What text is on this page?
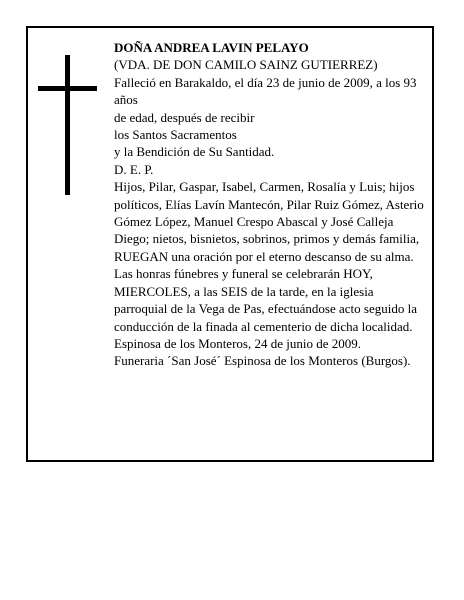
DOÑA ANDREA LAVIN PELAYO

(VDA. DE DON CAMILO SAINZ GUTIERREZ)

Falleció en Barakaldo, el día 23 de junio de 2009, a los 93 años

de edad, después de recibir

los Santos Sacramentos

y la Bendición de Su Santidad.

D. E. P.

Hijos, Pilar, Gaspar, Isabel, Carmen, Rosalía y Luis; hijos políticos, Elías Lavín Mantecón, Pilar Ruiz Gómez, Asterio Gómez López, Manuel Crespo Abascal y José Calleja Diego; nietos, bisnietos, sobrinos, primos y demás familia,

RUEGAN una oración por el eterno descanso de su alma. Las honras fúnebres y funeral se celebrarán HOY, MIERCOLES, a las SEIS de la tarde, en la iglesia parroquial de la Vega de Pas, efectuándose acto seguido la conducción de la finada al cementerio de dicha localidad.

Espinosa de los Monteros, 24 de junio de 2009.

Funeraria ´San José´ Espinosa de los Monteros (Burgos).
